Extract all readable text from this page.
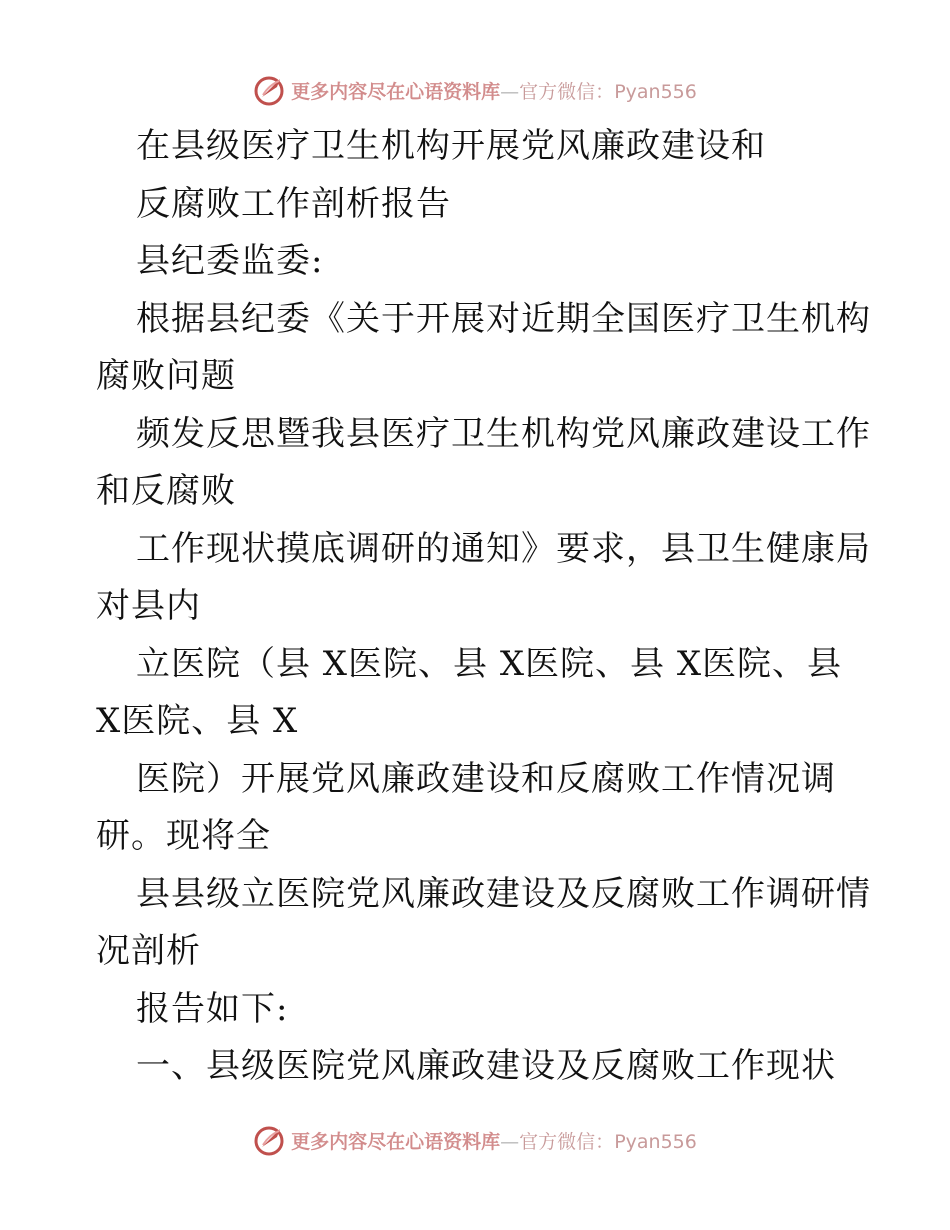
更多内容尽在心语资料库—官方微信：Pyan556
在县级医疗卫生机构开展党风廉政建设和
反腐败工作剖析报告
县纪委监委:
根据县纪委《关于开展对近期全国医疗卫生机构
腐败问题
频发反思暨我县医疗卫生机构党风廉政建设工作
和反腐败
工作现状摸底调研的通知》要求，县卫生健康局
对县内
立医院（县 X医院、县 X医院、县 X医院、县
X医院、县 X
医院）开展党风廉政建设和反腐败工作情况调
研。现将全
县县级立医院党风廉政建设及反腐败工作调研情
况剖析
报告如下:
一、县级医院党风廉政建设及反腐败工作现状
更多内容尽在心语资料库—官方微信：Pyan556
